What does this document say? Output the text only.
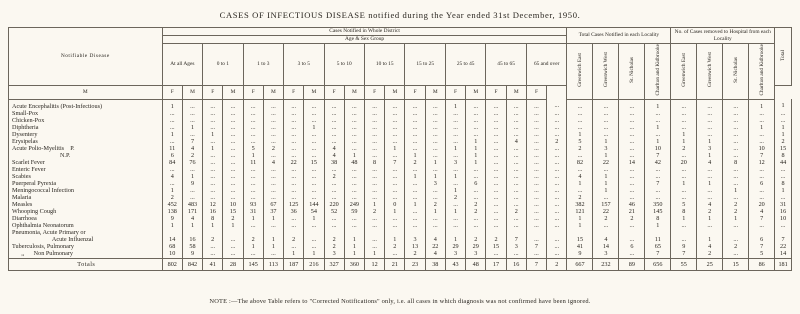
CASES OF INFECTIOUS DISEASE notified during the Year ended 31st December, 1950.
Notifiable Disease	Cases Notified in Whole District																				Total Cases Notified in each Locality				No. of Cases removed to Hospital from each Locality				Total
	Age & Sex Group																												
	At all Ages		0 to 1		1 to 3		3 to 5		5 to 10		10 to 15		15 to 25		25 to 45		45 to 65		65 and over		Greenwich East	Greenwich West	St. Nicholas	Charlton and Kidbrooke	Greenwich East	Greenwich West	St. Nicholas	Charlton and Kidbrooke	
M	F	M	F	M	F	M	F	M	F	M	F	M	F	M	F	M	F	M	F										
Acute Encephalitis (Post-Infectious)	1	...	...	...	...	...	...	...	...	...	...	...	...	...	1	...	...	...	...	...	...	...	...	1	...	...	...	1	1
Small-Pox	...	...	...	...	...	...	...	...	...	...	...	...	...	...	...	...	...	...	...	...	...	...	...	...	...	...	...	...	...
Chicken-Pox	...	...	...	...	...	...	...	...	...	...	...	...	...	...	...	...	...	...	...	...	...	...	...	...	...	...	...	...	...
Diphtheria	...	1	...	...	...	...	...	1	...	...	...	...	...	...	...	...	...	...	...	...	...	...	...	1	...	...	...	1	1
Dysentery	1	...	1	...	...	...	...	...	...	...	...	...	...	...	...	...	...	...	...	...	1	...	...	...	1	...	...	...	1
Erysipelas	...	7	...	...	...	...	...	...	...	...	...	...	...	...	...	1	...	4	...	2	5	1	...	1	1	1	...	...	2
Acute Polio-Myelitis    P.	11	4	1	...	5	2	...	...	4	...	...	1	...	...	1	1	...	...	...	...	2	3	...	10	2	3	...	10	15
N.P.	6	2	...	...	1	...	...	...	4	1	...	...	1	...	...	1	...	...	...	...	...	1	...	7	...	1	...	7	8
Scarlet Fever	84	76	...	...	11	4	22	15	38	48	8	7	2	1	3	1	...	...	...	...	82	22	14	42	20	4	8	12	44
Enteric Fever	...	...	...	...	...	...	...	...	...	...	...	...	...	...	...	...	...	...	...	...	...	...	...	...	...	...	...	...	...
Scabies	4	1	...	...	...	...	...	...	2	...	...	...	1	1	1	...	...	...	...	...	4	1	...	...	...	...	...	...	...
Puerperal Pyrexia	...	9	...	...	...	...	...	...	...	...	...	...	...	3	...	6	...	...	...	...	1	1	...	7	1	1	...	6	8
Meningococcal Infection	1	...	...	...	...	...	...	...	...	...	...	...	...	...	1	...	...	...	...	...	...	1	...	...	...	...	1	...	1
Malaria	2	...	...	...	...	...	...	...	...	...	...	...	...	...	2	...	...	...	...	...	2	...	...	...	...	...	...	...	...
Measles	452	483	12	10	93	67	125	144	220	249	1	0	1	2	...	2	...	...	...	...	382	157	46	350	5	4	2	20	31
Whooping Cough	138	171	16	15	31	37	36	54	52	59	2	1	...	1	1	2	...	2	...	...	121	22	21	145	8	2	2	4	16
Diarrhoea	9	4	8	2	1	1	...	1	...	...	...	...	...	...	...	...	...	...	...	...	1	2	2	8	1	1	1	7	10
Ophthalmia Neonatorum	1	1	1	1	...	...	...	...	...	...	...	...	...	...	...	...	...	...	...	...	1	...	...	1	...	...	...	...	...
Pneumonia, Acute Primary or																													
Acute Influenzal	14	16	2	...	2	1	2	...	2	1	...	1	3	4	1	2	2	7	...	...	15	4	...	11	...	1	...	6	7
Tuberculosis, Pulmonary	68	58	...	...	1	1	...	...	2	1	...	2	13	22	29	29	15	3	7	...	41	14	6	65	9	4	2	7	22
,,      Non Pulmonary	10	9	...	...	...	...	1	1	3	1	1	...	2	4	3	3	...	...	...	...	9	3	...	7	7	2	...	5	14
Totals	802	842	41	28	145	113	187	216	327	360	12	21	23	38	43	48	17	16	7	2	667	232	89	656	55	25	15	86	181
NOTE :—The above Table refers to "Corrected Notifications" only, i.e. all cases in which diagnosis was not confirmed have been ignored.
